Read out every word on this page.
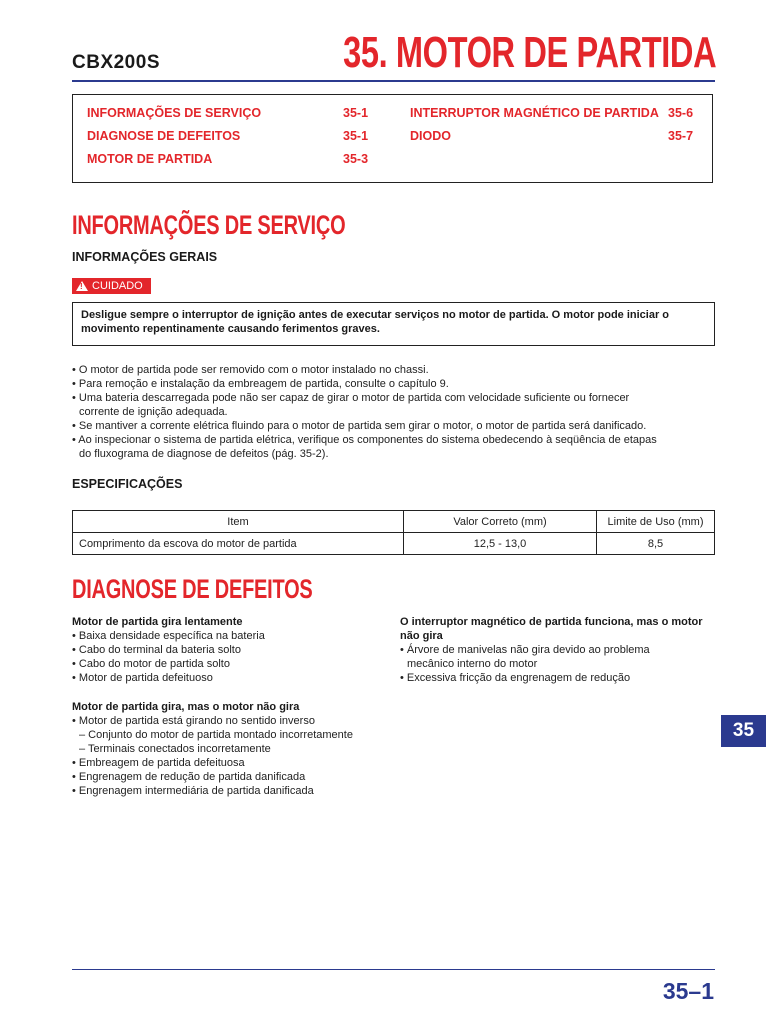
CBX200S	35. MOTOR DE PARTIDA
INFORMAÇÕES DE SERVIÇO	35-1
DIAGNOSE DE DEFEITOS	35-1
MOTOR DE PARTIDA	35-3
INTERRUPTOR MAGNÉTICO DE PARTIDA 35-6
DIODO	35-7
INFORMAÇÕES DE SERVIÇO
INFORMAÇÕES GERAIS
!
CUIDADO
Desligue sempre o interruptor de ignição antes de executar serviços no motor de partida. O motor pode iniciar o
movimento repentinamente causando ferimentos graves.
• O motor de partida pode ser removido com o motor instalado no chassi.
• Para remoção e instalação da embreagem de partida, consulte o capítulo 9.
• Uma bateria descarregada pode não ser capaz de girar o motor de partida com velocidade suficiente ou fornecer
corrente de ignição adequada.
• Se mantiver a corrente elétrica fluindo para o motor de partida sem girar o motor, o motor de partida será danificado.
• Ao inspecionar o sistema de partida elétrica, verifique os componentes do sistema obedecendo à seqüência de etapas
do fluxograma de diagnose de defeitos (pág. 35-2).
ESPECIFICAÇÕES
Item	Valor Correto (mm)	Limite de Uso (mm)
Comprimento da escova do motor de partida	12,5 - 13,0	8,5
DIAGNOSE DE DEFEITOS
Motor de partida gira lentamente
• Baixa densidade específica na bateria
• Cabo do terminal da bateria solto
• Cabo do motor de partida solto
• Motor de partida defeituoso
Motor de partida gira, mas o motor não gira
• Motor de partida está girando no sentido inverso
– Conjunto do motor de partida montado incorretamente
– Terminais conectados incorretamente
• Embreagem de partida defeituosa
• Engrenagem de redução de partida danificada
• Engrenagem intermediária de partida danificada
O interruptor magnético de partida funciona, mas o motor
não gira
• Árvore de manivelas não gira devido ao problema
mecânico interno do motor
• Excessiva fricção da engrenagem de redução
35
35–1
